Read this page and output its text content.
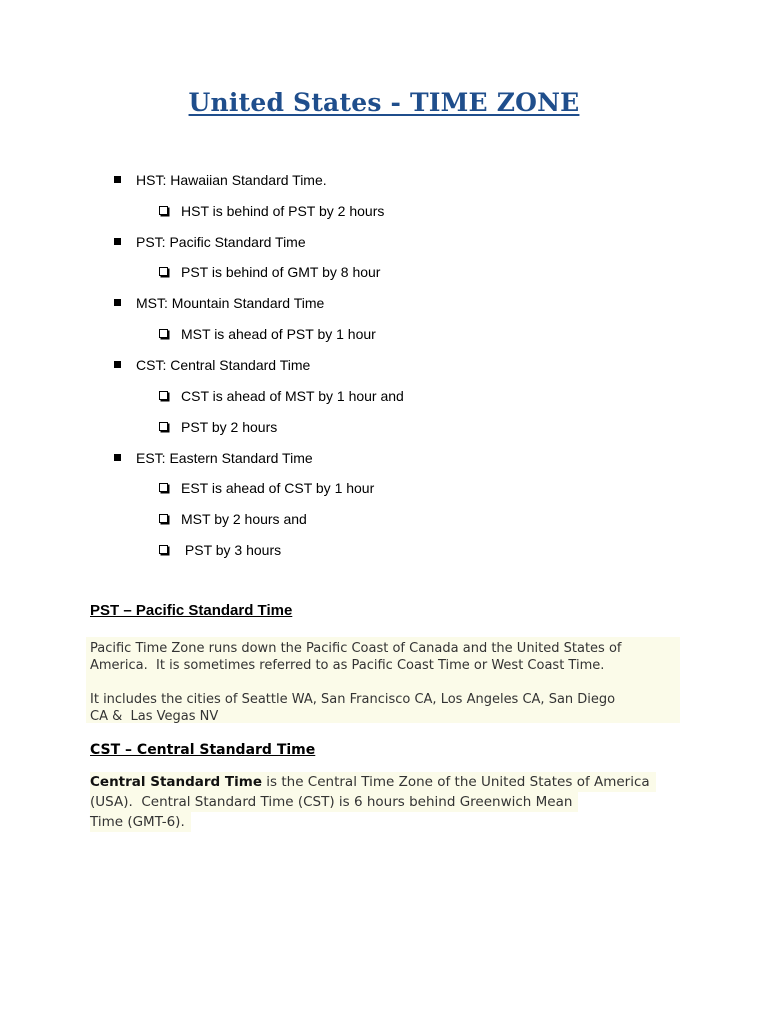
United States - TIME ZONE
HST: Hawaiian Standard Time.
HST is behind of PST by 2 hours
PST: Pacific Standard Time
PST is behind of GMT by 8 hour
MST: Mountain Standard Time
MST is ahead of PST by 1 hour
CST: Central Standard Time
CST is ahead of MST by 1 hour and
PST by 2 hours
EST: Eastern Standard Time
EST is ahead of CST by 1 hour
MST by 2 hours and
PST by 3 hours
PST – Pacific Standard Time
Pacific Time Zone runs down the Pacific Coast of Canada and the United States of
America.  It is sometimes referred to as Pacific Coast Time or West Coast Time.
It includes the cities of Seattle WA, San Francisco CA, Los Angeles CA, San Diego
CA &  Las Vegas NV
CST – Central Standard Time
Central Standard Time is the Central Time Zone of the United States of America
(USA).  Central Standard Time (CST) is 6 hours behind Greenwich Mean
Time (GMT-6).
